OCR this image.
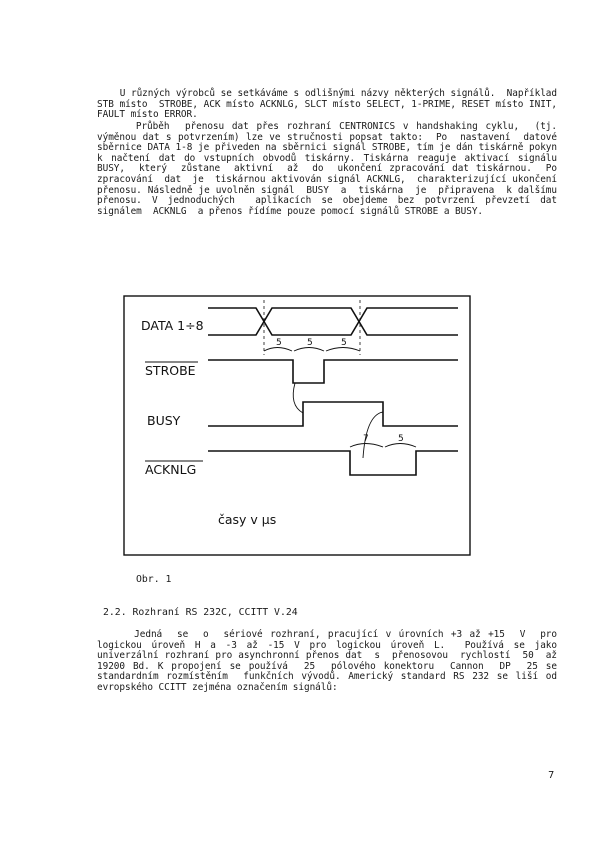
U různých výrobců se setkáváme s odlišnými názvy některých signálů.  Například STB místo  STROBE, ACK místo ACKNLG, SLCT místo SELECT, 1-PRIME, RESET místo INIT, FAULT místo ERROR.
Průběh  přenosu dat přes rozhraní CENTRONICS v handshaking cyklu,  (tj. výměnou dat s potvrzením) lze ve stručnosti popsat takto:  Po  nastavení  datové  sběrnice DATA 1-8 je přiveden na sběrnici signál STROBE, tím je dán tiskárně pokyn k načtení dat do vstupních obvodů tiskárny. Tiskárna reaguje aktivací signálu BUSY,  který  zůstane  aktivní  až  do  ukončení zpracování dat tiskárnou.  Po  zpracování  dat  je  tiskárnou aktivován signál ACKNLG,  charakterizující ukončení přenosu. Následně je uvolněn signál  BUSY  a  tiskárna  je  připravena  k dalšímu přenosu. V jednoduchých  aplikacích se obejdeme bez potvrzení převzetí dat signálem  ACKNLG  a přenos řídíme pouze pomocí signálů STROBE a BUSY.
DATA 1÷8
STROBE
BUSY
ACKNLG
časy v μs
5	5	5
7	5
Obr. 1
2.2. Rozhraní RS 232C, CCITT V.24
Jedná  se  o  sériové rozhraní, pracující v úrovních +3 až +15  V  pro logickou úroveň H a -3 až -15 V pro logickou úroveň L.  Používá se jako univerzální rozhraní pro asynchronní přenos dat  s  přenosovou  rychlostí  50  až  19200 Bd. K propojení se používá  25  pólového konektoru  Cannon  DP  25 se standardním rozmístěním  funkčních vývodů. Americký standard RS 232 se liší od evropského CCITT zejména označením signálů:
7
